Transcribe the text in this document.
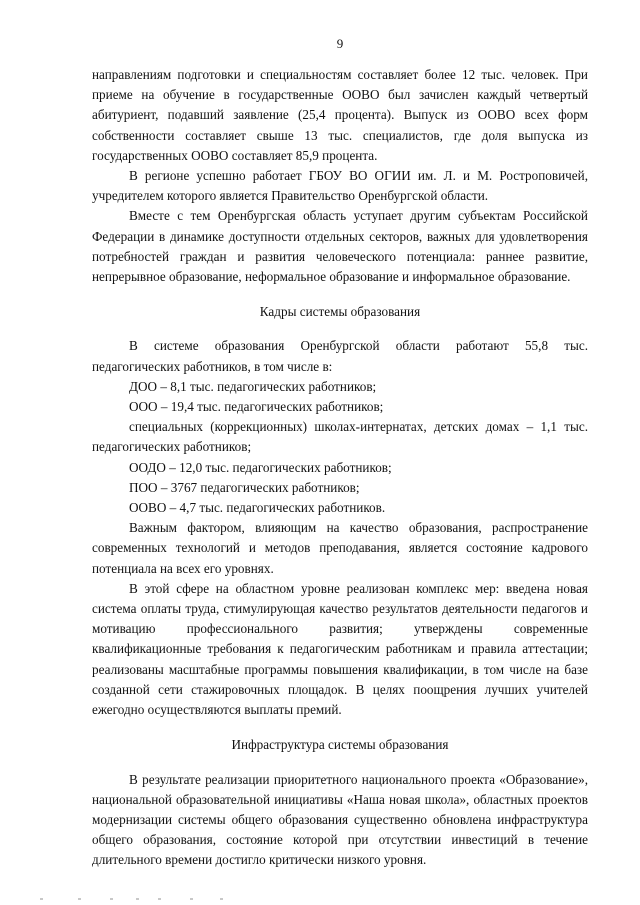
9

направлениям подготовки и специальностям составляет более 12 тыс. человек. При приеме на обучение в государственные ООВО был зачислен каждый четвертый абитуриент, подавший заявление (25,4 процента). Выпуск из ООВО всех форм собственности составляет свыше 13 тыс. специалистов, где доля выпуска из государственных ООВО составляет 85,9 процента.

В регионе успешно работает ГБОУ ВО ОГИИ им. Л. и М. Ростроповичей, учредителем которого является Правительство Оренбургской области.

Вместе с тем Оренбургская область уступает другим субъектам Российской Федерации в динамике доступности отдельных секторов, важных для удовлетворения потребностей граждан и развития человеческого потенциала: раннее развитие, непрерывное образование, неформальное образование и информальное образование.

Кадры системы образования

В системе образования Оренбургской области работают 55,8 тыс. педагогических работников, в том числе в:

ДОО – 8,1 тыс. педагогических работников;

ООО – 19,4 тыс. педагогических работников;

специальных (коррекционных) школах-интернатах, детских домах – 1,1 тыс. педагогических работников;

ООДО – 12,0 тыс. педагогических работников;

ПОО – 3767 педагогических работников;

ООВО – 4,7 тыс. педагогических работников.

Важным фактором, влияющим на качество образования, распространение современных технологий и методов преподавания, является состояние кадрового потенциала на всех его уровнях.

В этой сфере на областном уровне реализован комплекс мер: введена новая система оплаты труда, стимулирующая качество результатов деятельности педагогов и мотивацию профессионального развития; утверждены современные квалификационные требования к педагогическим работникам и правила аттестации; реализованы масштабные программы повышения квалификации, в том числе на базе созданной сети стажировочных площадок. В целях поощрения лучших учителей ежегодно осуществляются выплаты премий.

Инфраструктура системы образования

В результате реализации приоритетного национального проекта «Образование», национальной образовательной инициативы «Наша новая школа», областных проектов модернизации системы общего образования существенно обновлена инфраструктура общего образования, состояние которой при отсутствии инвестиций в течение длительного времени достигло критически низкого уровня.
